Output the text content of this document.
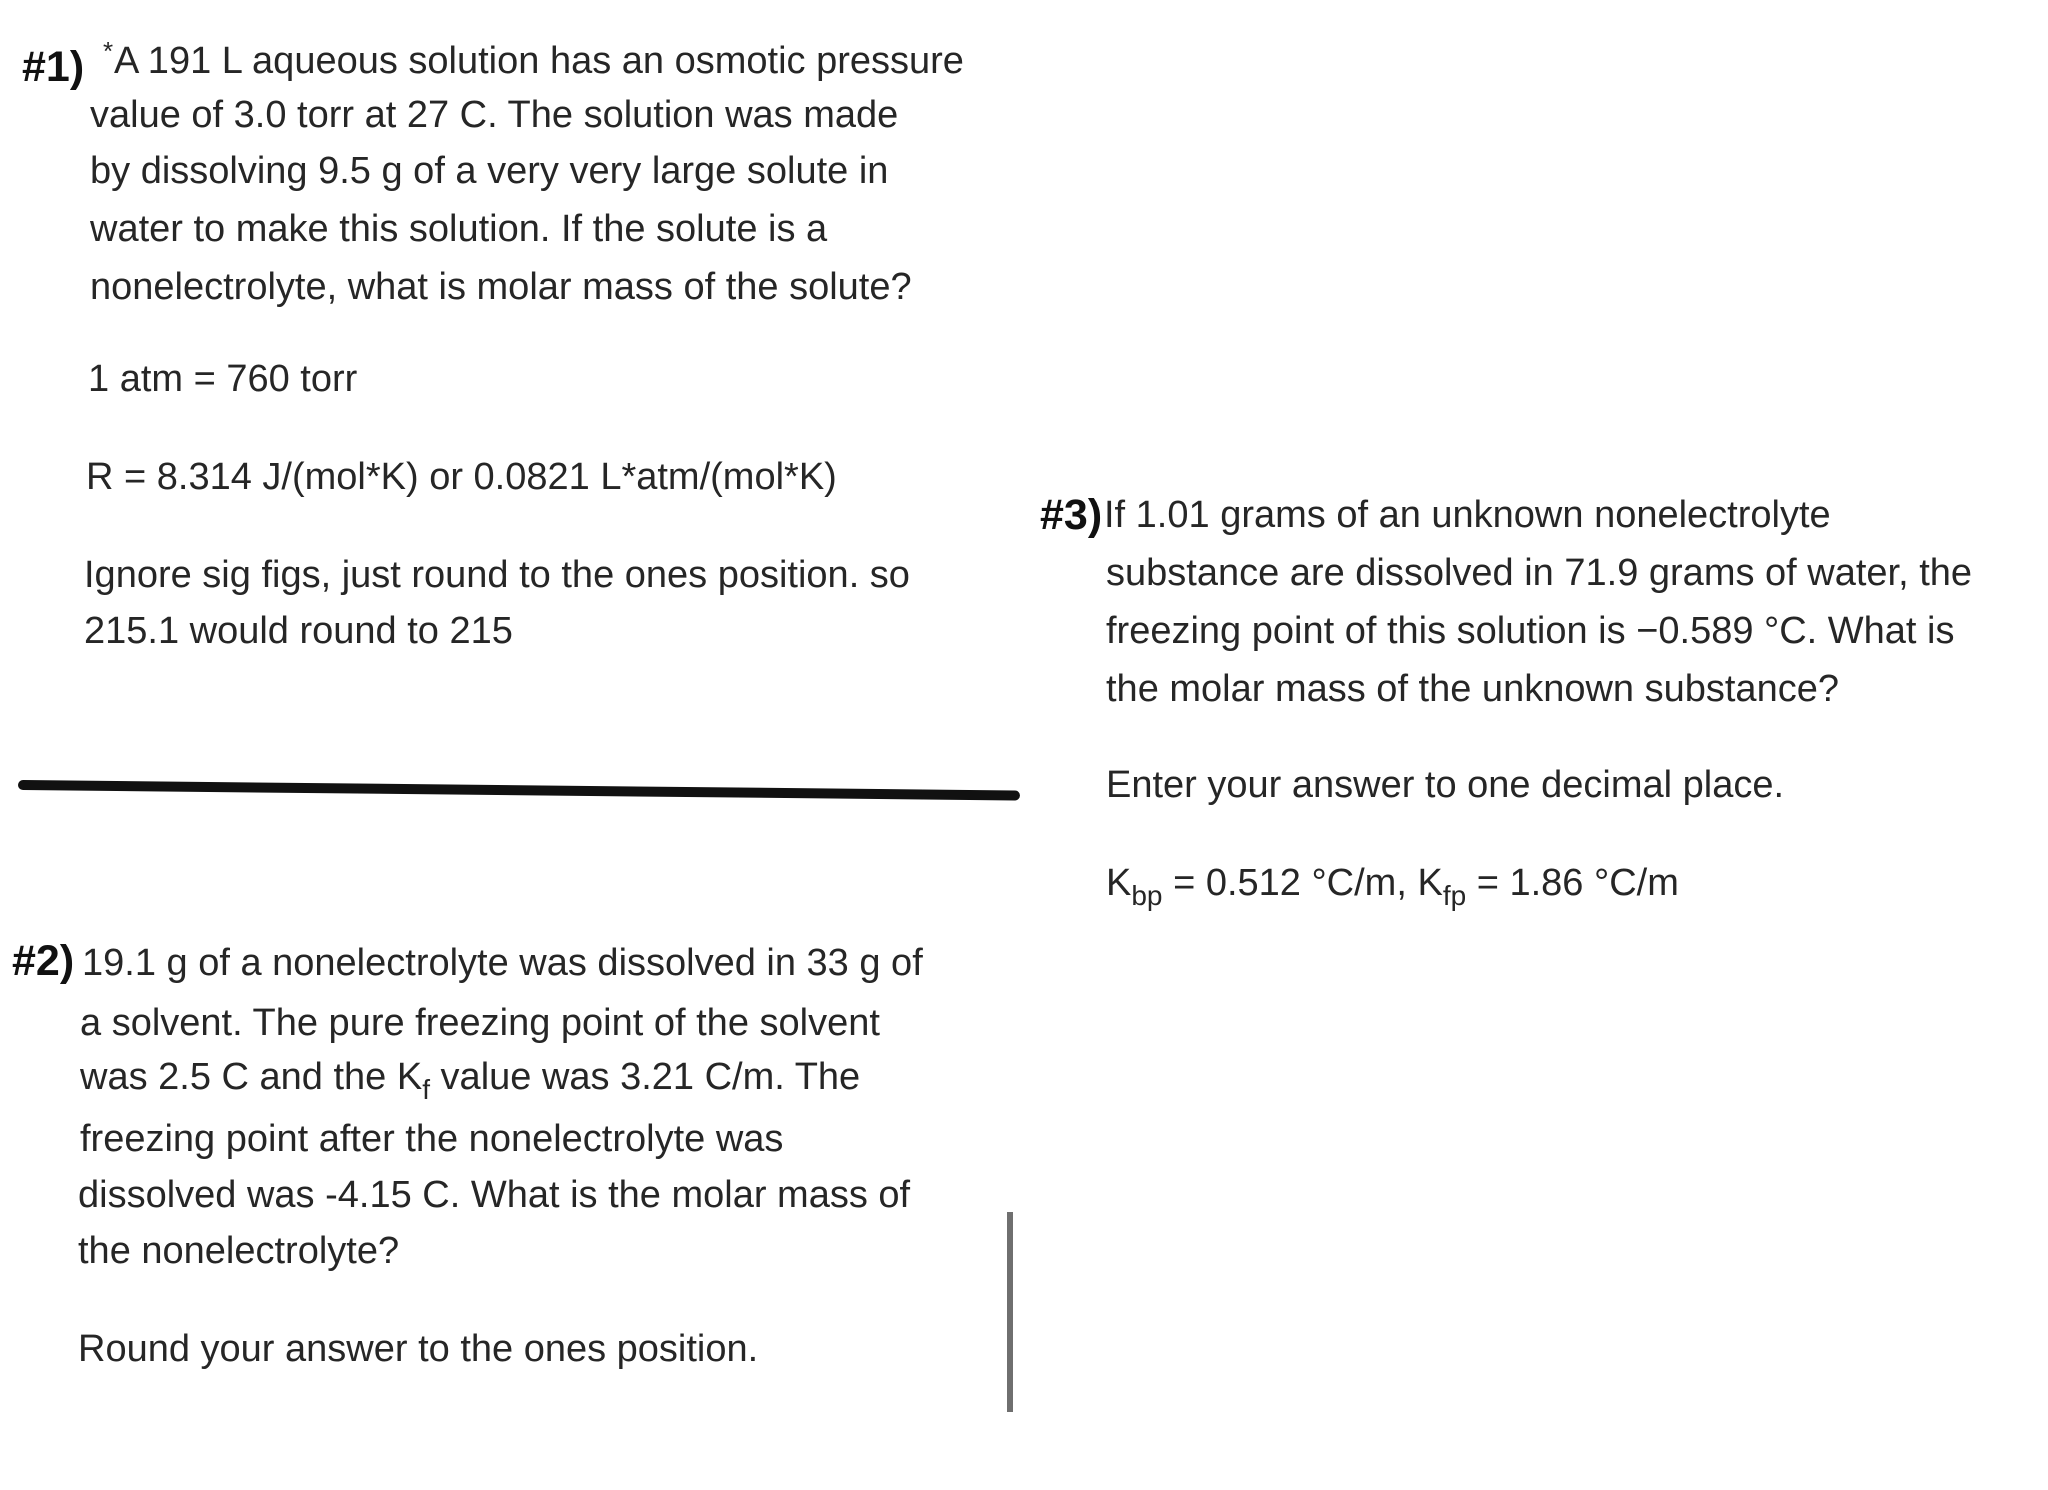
#1) * A 191 L aqueous solution has an osmotic pressure
value of 3.0 torr at 27 C. The solution was made
by dissolving 9.5 g of a very very large solute in
water to make this solution. If the solute is a
nonelectrolyte, what is molar mass of the solute?
1 atm = 760 torr
R = 8.314 J/(mol*K) or 0.0821 L*atm/(mol*K)
Ignore sig figs, just round to the ones position. so
215.1 would round to 215
#2) 19.1 g of a nonelectrolyte was dissolved in 33 g of
a solvent. The pure freezing point of the solvent
was 2.5 C and the $K_f$ value was 3.21 C/m. The
freezing point after the nonelectrolyte was
dissolved was -4.15 C. What is the molar mass of
the nonelectrolyte?
Round your answer to the ones position.
#3) If 1.01 grams of an unknown nonelectrolyte
substance are dissolved in 71.9 grams of water, the
freezing point of this solution is −0.589 °C. What is
the molar mass of the unknown substance?
Enter your answer to one decimal place.
$K_{bp} = 0.512$ °C/m, $K_{fp} = 1.86$ °C/m
